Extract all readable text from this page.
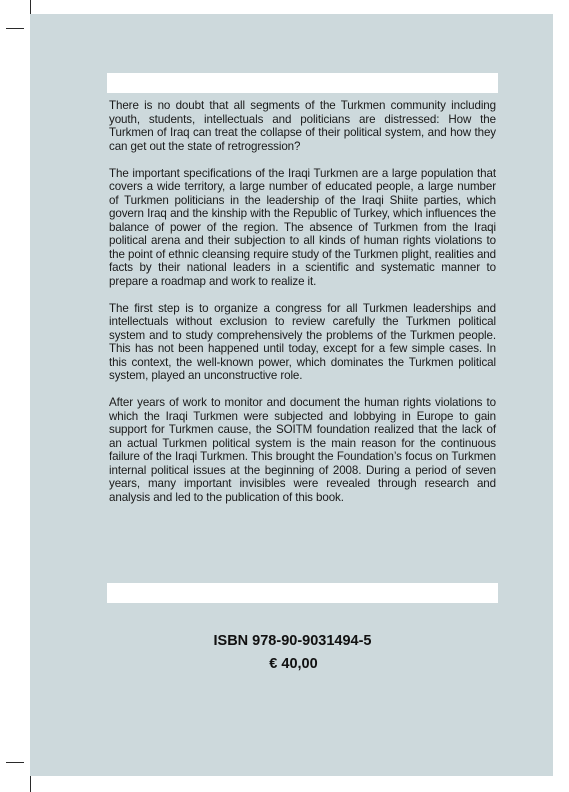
There is no doubt that all segments of the Turkmen community including youth, students, intellectuals and politicians are distressed: How the Turkmen of Iraq can treat the collapse of their political system, and how they can get out the state of retrogression?

The important specifications of the Iraqi Turkmen are a large population that covers a wide territory, a large number of educated people, a large number of Turkmen politicians in the leadership of the Iraqi Shiite parties, which govern Iraq and the kinship with the Republic of Turkey, which influences the balance of power of the region. The absence of Turkmen from the Iraqi political arena and their subjection to all kinds of human rights violations to the point of ethnic cleansing require study of the Turkmen plight, realities and facts by their national leaders in a scientific and systematic manner to prepare a roadmap and work to realize it.

The first step is to organize a congress for all Turkmen leaderships and intellectuals without exclusion to review carefully the Turkmen political system and to study comprehensively the problems of the Turkmen people. This has not been happened until today, except for a few simple cases. In this context, the well-known power, which dominates the Turkmen political system, played an unconstructive role.

After years of work to monitor and document the human rights violations to which the Iraqi Turkmen were subjected and lobbying in Europe to gain support for Turkmen cause, the SOITM foundation realized that the lack of an actual Turkmen political system is the main reason for the continuous failure of the Iraqi Turkmen. This brought the Foundation’s focus on Turkmen internal political issues at the beginning of 2008. During a period of seven years, many important invisibles were revealed through research and analysis and led to the publication of this book.

ISBN 978-90-9031494-5
€ 40,00
